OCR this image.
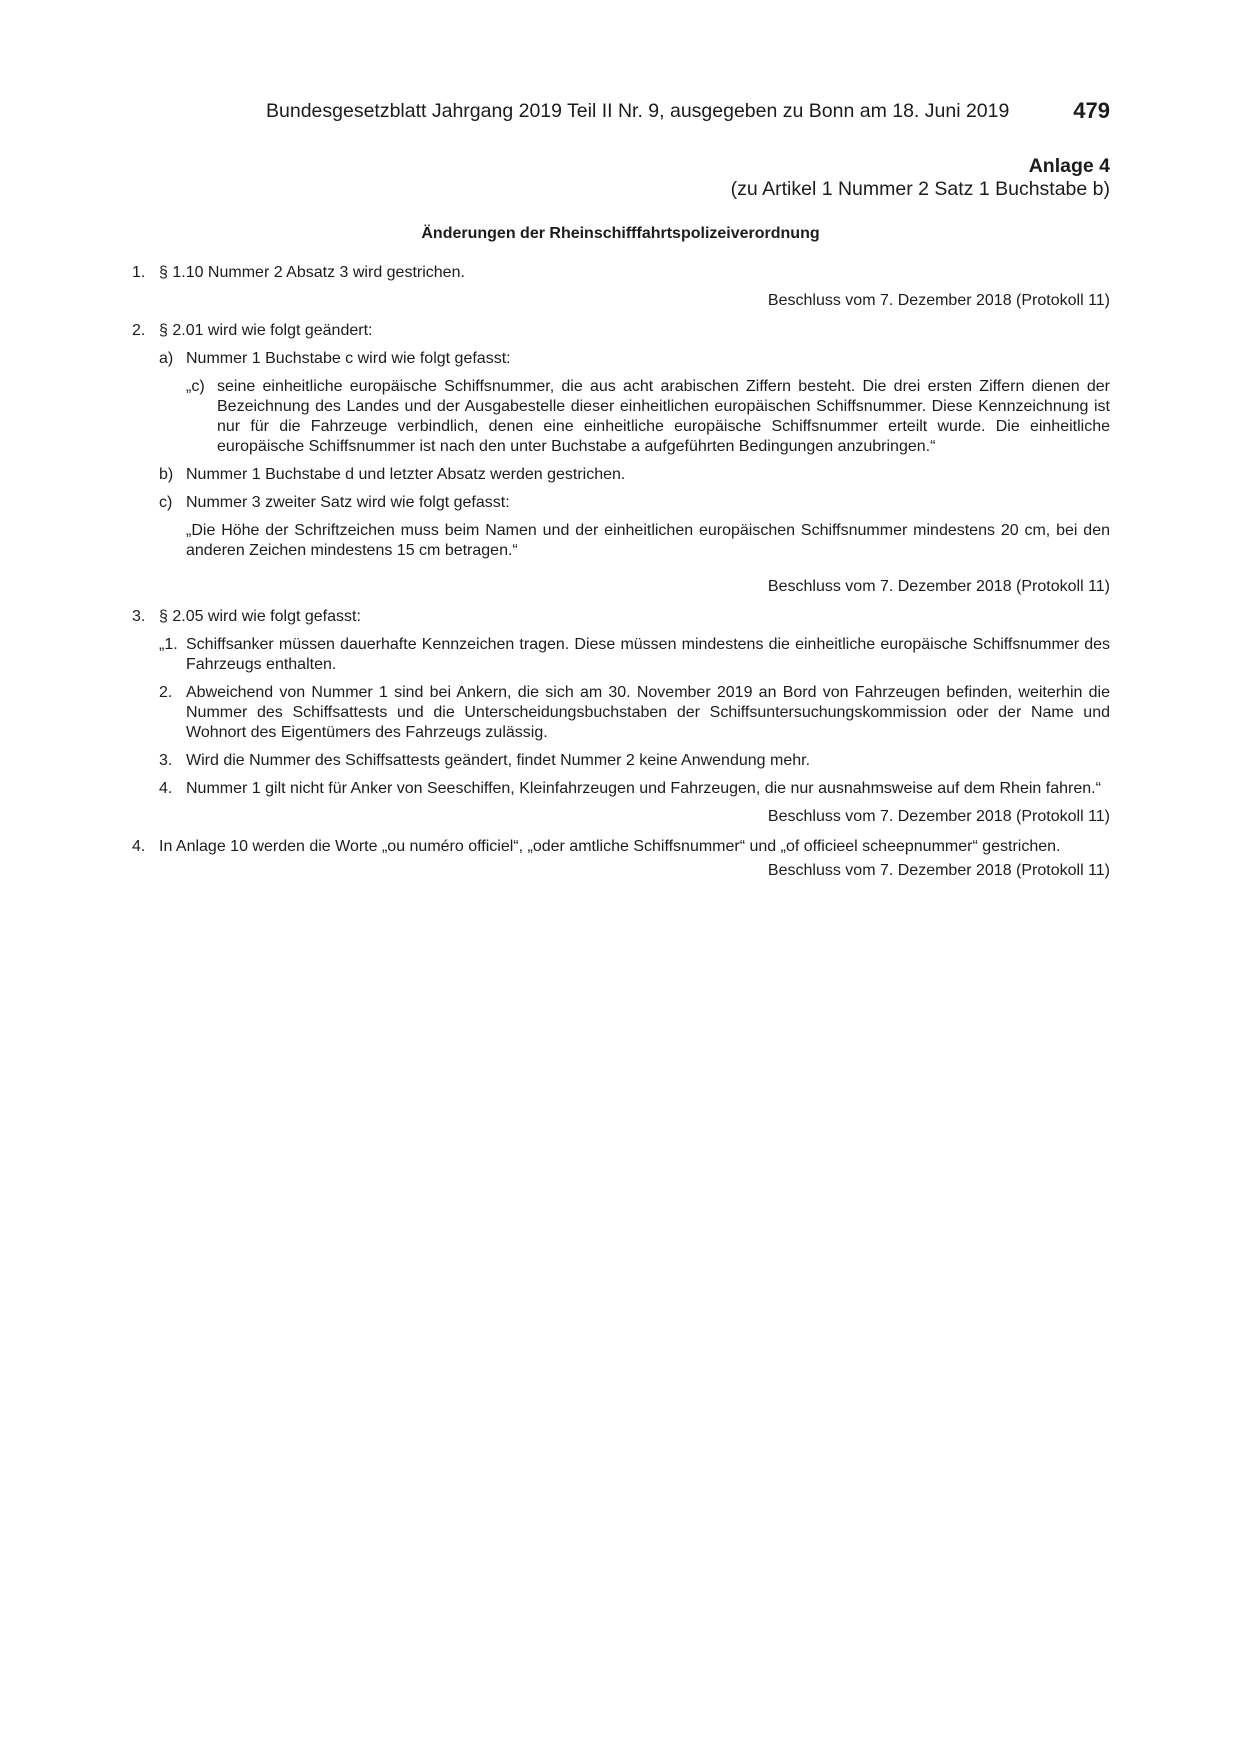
Bundesgesetzblatt Jahrgang 2019 Teil II Nr. 9, ausgegeben zu Bonn am 18. Juni 2019	479

Anlage 4

(zu Artikel 1 Nummer 2 Satz 1 Buchstabe b)

Änderungen der Rheinschifffahrtspolizeiverordnung

1. § 1.10 Nummer 2 Absatz 3 wird gestrichen.

Beschluss vom 7. Dezember 2018 (Protokoll 11)

2. § 2.01 wird wie folgt geändert:
a) Nummer 1 Buchstabe c wird wie folgt gefasst:
„c) seine einheitliche europäische Schiffsnummer, die aus acht arabischen Ziffern besteht. Die drei ersten Ziffern dienen der Bezeichnung des Landes und der Ausgabestelle dieser einheitlichen europäischen Schiffsnummer. Diese Kennzeichnung ist nur für die Fahrzeuge verbindlich, denen eine einheitliche europäische Schiffsnummer erteilt wurde. Die einheitliche europäische Schiffsnummer ist nach den unter Buchstabe a aufgeführten Bedingungen anzubringen.“
b) Nummer 1 Buchstabe d und letzter Absatz werden gestrichen.
c) Nummer 3 zweiter Satz wird wie folgt gefasst:

„Die Höhe der Schriftzeichen muss beim Namen und der einheitlichen europäischen Schiffsnummer mindestens 20 cm, bei den anderen Zeichen mindestens 15 cm betragen.“

Beschluss vom 7. Dezember 2018 (Protokoll 11)

3. § 2.05 wird wie folgt gefasst:
„1. Schiffsanker müssen dauerhafte Kennzeichen tragen. Diese müssen mindestens die einheitliche europäische Schiffsnummer des Fahrzeugs enthalten.
2. Abweichend von Nummer 1 sind bei Ankern, die sich am 30. November 2019 an Bord von Fahrzeugen befinden, weiterhin die Nummer des Schiffsattests und die Unterscheidungsbuchstaben der Schiffsuntersuchungskommission oder der Name und Wohnort des Eigentümers des Fahrzeugs zulässig.
3. Wird die Nummer des Schiffsattests geändert, findet Nummer 2 keine Anwendung mehr.
4. Nummer 1 gilt nicht für Anker von Seeschiffen, Kleinfahrzeugen und Fahrzeugen, die nur ausnahmsweise auf dem Rhein fahren.“

Beschluss vom 7. Dezember 2018 (Protokoll 11)

4. In Anlage 10 werden die Worte „ou numéro officiel“, „oder amtliche Schiffsnummer“ und „of officieel scheepnummer“ gestrichen.

Beschluss vom 7. Dezember 2018 (Protokoll 11)
